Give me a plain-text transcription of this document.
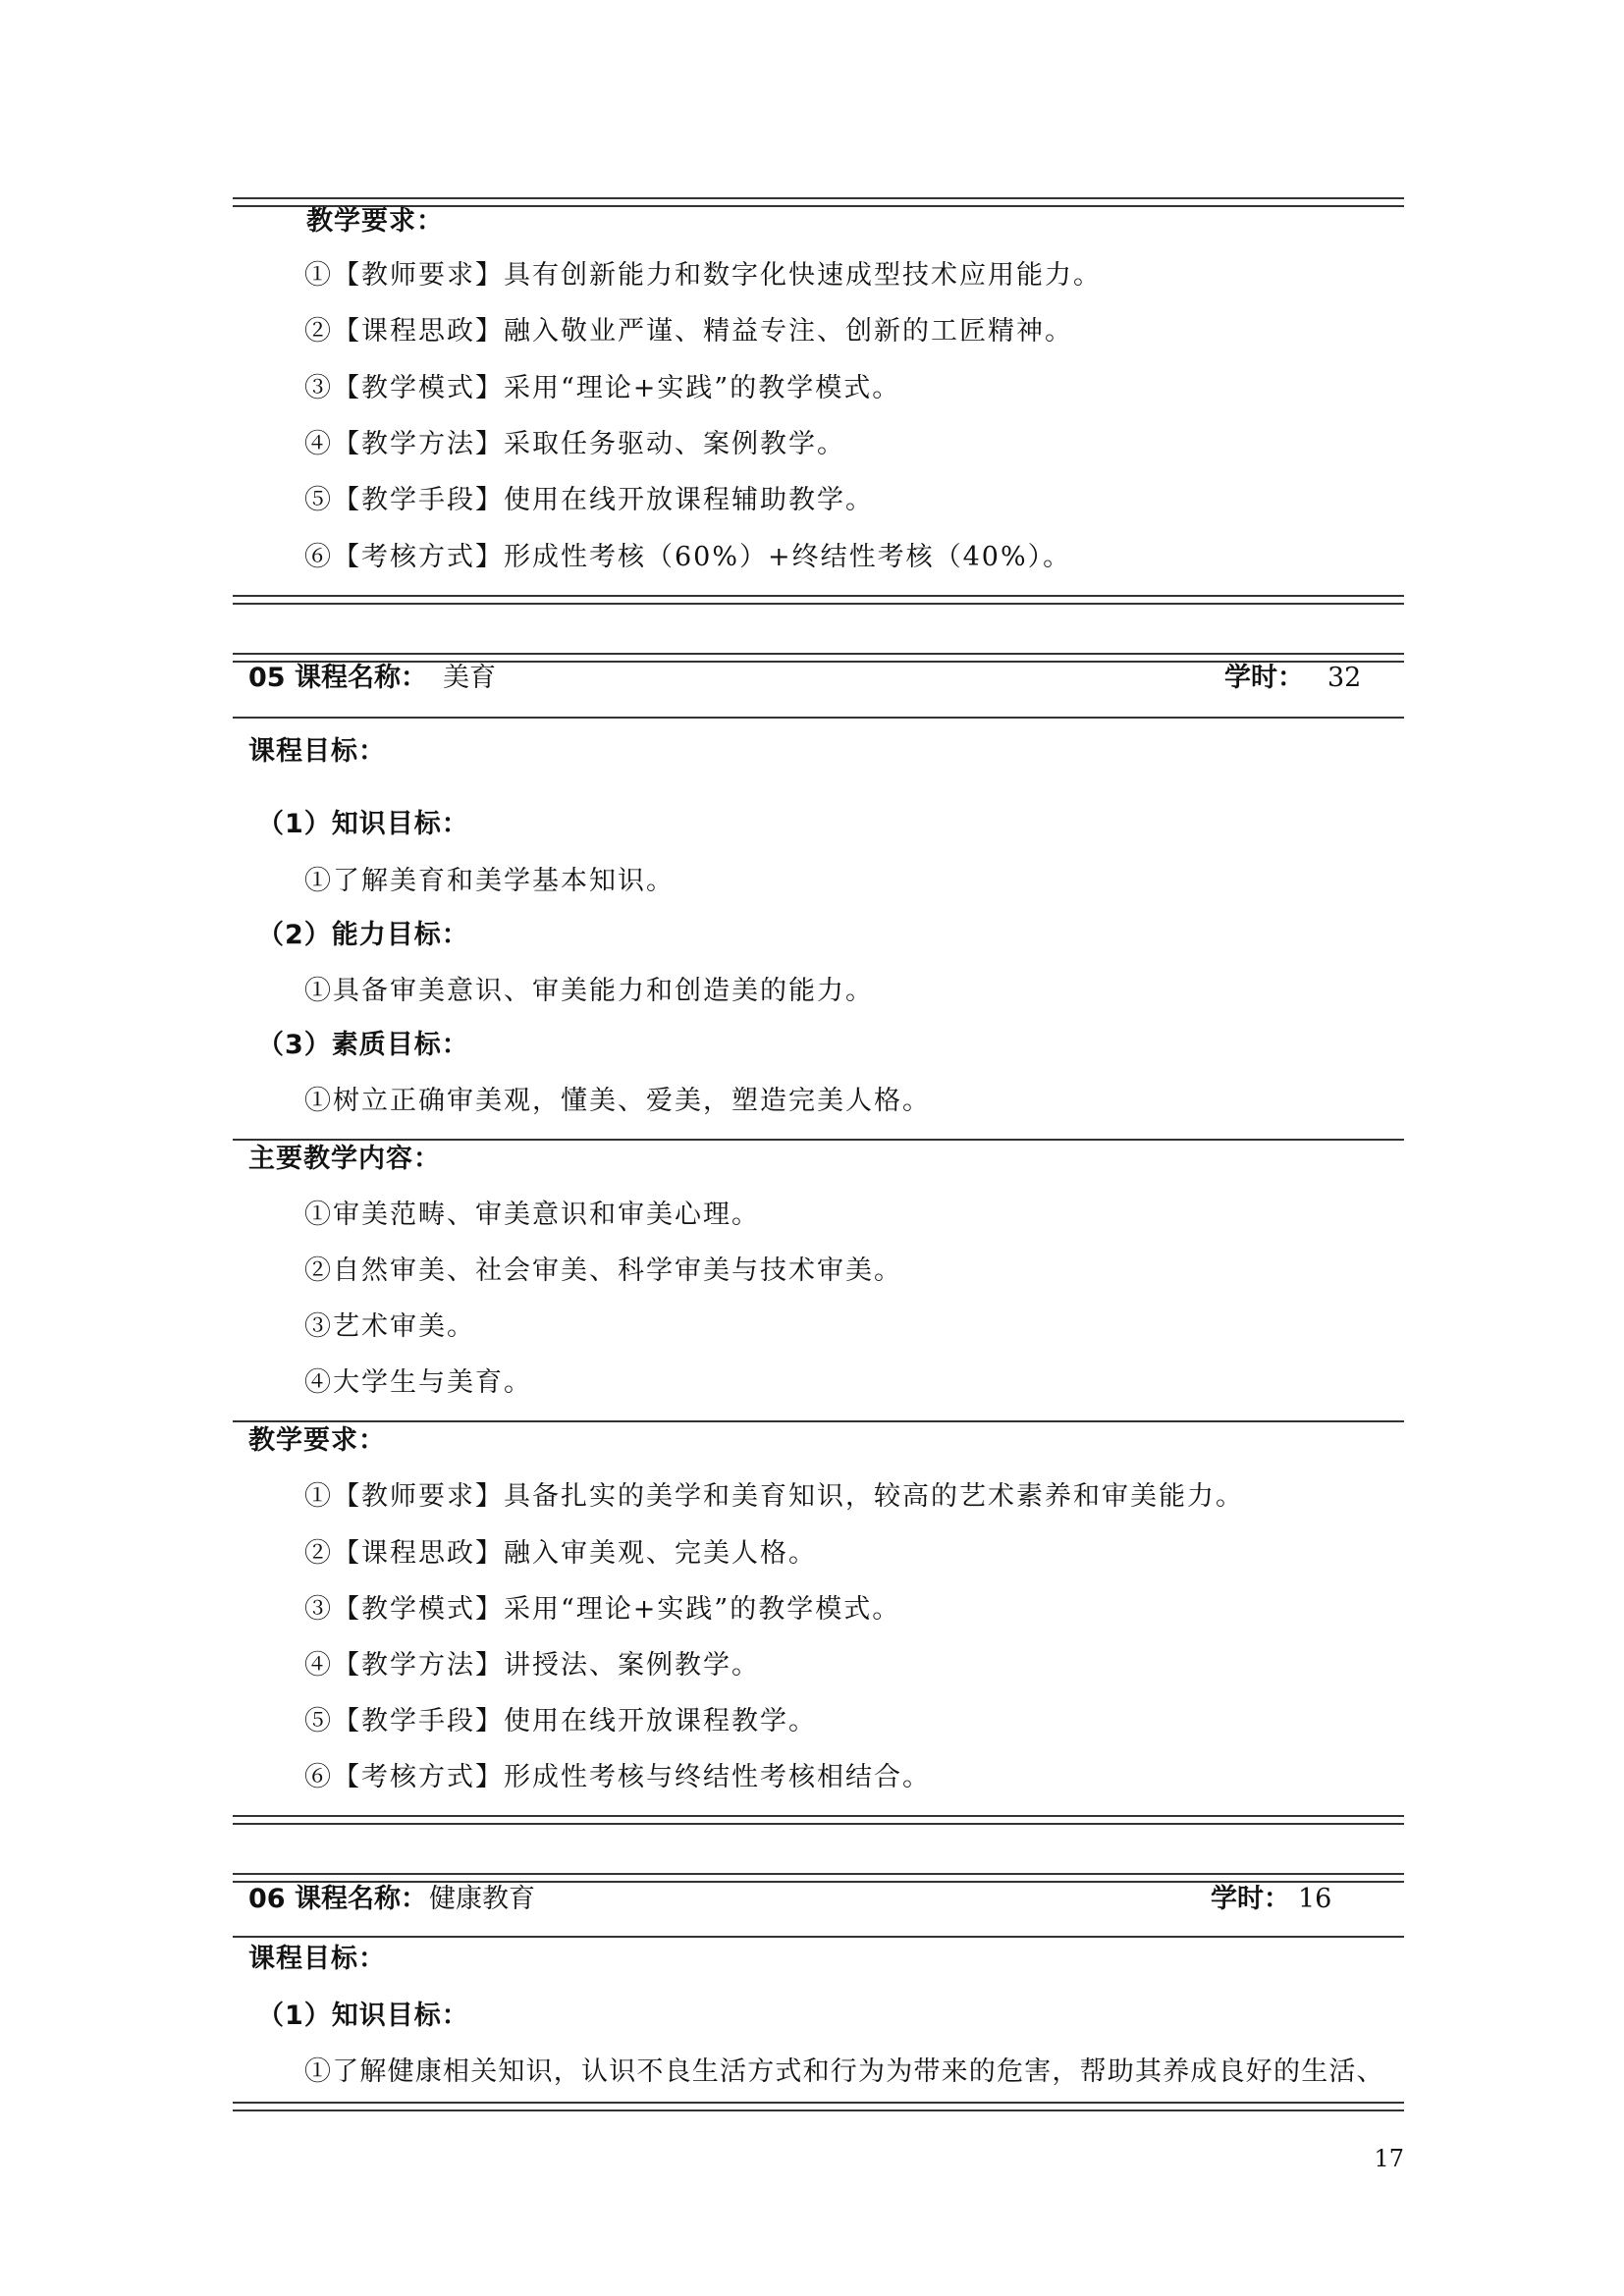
教学要求：
①【教师要求】具有创新能力和数字化快速成型技术应用能力。
②【课程思政】融入敬业严谨、精益专注、创新的工匠精神。
③【教学模式】采用“理论+实践”的教学模式。
④【教学方法】采取任务驱动、案例教学。
⑤【教学手段】使用在线开放课程辅助教学。
⑥【考核方式】形成性考核（60%）+终结性考核（40%）。
05 课程名称： 美育	学时： 32
课程目标：
（1）知识目标：
①了解美育和美学基本知识。
（2）能力目标：
①具备审美意识、审美能力和创造美的能力。
（3）素质目标：
①树立正确审美观，懂美、爱美，塑造完美人格。
主要教学内容：
①审美范畴、审美意识和审美心理。
②自然审美、社会审美、科学审美与技术审美。
③艺术审美。
④大学生与美育。
教学要求：
①【教师要求】具备扎实的美学和美育知识，较高的艺术素养和审美能力。
②【课程思政】融入审美观、完美人格。
③【教学模式】采用“理论+实践”的教学模式。
④【教学方法】讲授法、案例教学。
⑤【教学手段】使用在线开放课程教学。
⑥【考核方式】形成性考核与终结性考核相结合。
06 课程名称： 健康教育	学时： 16
课程目标：
（1）知识目标：
①了解健康相关知识，认识不良生活方式和行为为带来的危害，帮助其养成良好的生活、
17
